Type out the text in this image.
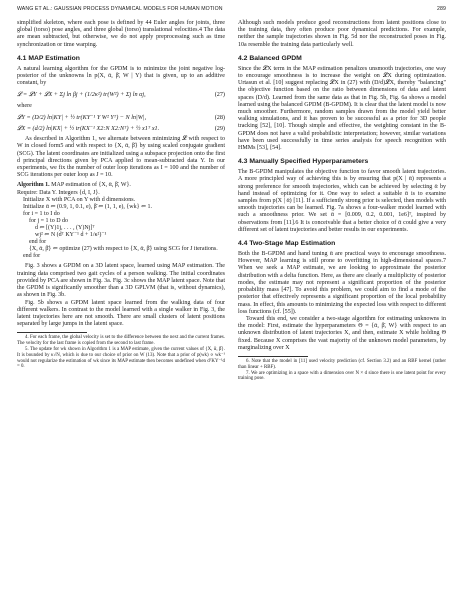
WANG ET AL.: GAUSSIAN PROCESS DYNAMICAL MODELS FOR HUMAN MOTION	289

simplified skeleton, where each pose is defined by 44 Euler angles for joints, three global (torso) pose angles, and three global (torso) translational velocities.4 The data are mean subtracted, but otherwise, we do not apply preprocessing such as time synchronization or time warping.

4.1 MAP Estimation

A natural learning algorithm for the GPDM is to minimize the joint negative log-posterior of the unknowns ln p(X, ᾱ, β̄, W | Y) that is given, up to an additive constant, by

𝓛 = 𝓛Y + 𝓛X + Σj ln βj + (1/2κ²) tr(W²) + Σj ln αj,	(27)

where

𝓛Y = (D/2) ln|KY| + ½ tr(KY⁻¹ Y W² Yᵀ) − N ln|W|,	(28)
𝓛X = (d/2) ln|KX| + ½ tr(KX⁻¹ X2:N X2:Nᵀ) + ½ x1ᵀ x1.	(29)

As described in Algorithm 1, we alternate between minimizing 𝓛 with respect to W in closed form5 and with respect to {X, ᾱ, β̄} by using scaled conjugate gradient (SCG). The latent coordinates are initialized using a subspace projection onto the first d principal directions given by PCA applied to mean-subtracted data Y. In our experiments, we fix the number of outer loop iterations as I = 100 and the number of SCG iterations per outer loop as J = 10.

Algorithm 1. MAP estimation of {X, ᾱ, β̄, W}.
Require: Data Y. Integers {d, I, J}.
Initialize X with PCA on Y with d dimensions.
Initialize ᾱ ⇐ (0.9, 1, 0.1, e), β̄ ⇐ (1, 1, e), {wk} ⇐ 1.
for i = 1 to I do
for j = 1 to D do
d ⇐ [(Y)1j, . . . , (Y)Nj]ᵀ
wj² ⇐ N (dᵀ KY⁻¹ d + 1/κ²)⁻¹
end for
{X, ᾱ, β̄} ⇐ optimize (27) with respect to {X, ᾱ, β̄} using SCG for J iterations.
end for

Fig. 3 shows a GPDM on a 3D latent space, learned using MAP estimation. The training data comprised two gait cycles of a person walking. The initial coordinates provided by PCA are shown in Fig. 3a. Fig. 3c shows the MAP latent space. Note that the GPDM is significantly smoother than a 3D GPLVM (that is, without dynamics), as shown in Fig. 3b.

Fig. 5b shows a GPDM latent space learned from the walking data of four different walkers. In contrast to the model learned with a single walker in Fig. 3, the latent trajectories here are not smooth. There are small clusters of latent positions separated by large jumps in the latent space.

4. For each frame, the global velocity is set to the difference between the next and the current frames. The velocity for the last frame is copied from the second to last frame.

5. The update for wk shown in Algorithm 1 is a MAP estimate, given the current values of {X, ᾱ, β̄}. It is bounded by κ√N, which is due to our choice of prior on W (13). Note that a prior of p(wk) ∝ wk⁻¹ would not regularize the estimation of wk since its MAP estimate then becomes undefined when dᵀKY⁻¹d = 0.

Although such models produce good reconstructions from latent positions close to the training data, they often produce poor dynamical predictions. For example, neither the sample trajectories shown in Fig. 5d nor the reconstructed poses in Fig. 10a resemble the training data particularly well.

4.2 Balanced GPDM

Since the 𝓛X term in the MAP estimation penalizes unsmooth trajectories, one way to encourage smoothness is to increase the weight on 𝓛X during optimization. Urtasun et al. [10] suggest replacing 𝓛X in (27) with (D/d)𝓛X, thereby "balancing" the objective function based on the ratio between dimensions of data and latent spaces (D/d). Learned from the same data as that in Fig. 5b, Fig. 6a shows a model learned using the balanced GPDM (B-GPDM). It is clear that the latent model is now much smoother. Furthermore, random samples drawn from the model yield better walking simulations, and it has proven to be successful as a prior for 3D people tracking [52], [10]. Though simple and effective, the weighting constant in the B-GPDM does not have a valid probabilistic interpretation; however, similar variations have been used successfully in time series analysis for speech recognition with HMMs [53], [54].

4.3 Manually Specified Hyperparameters

The B-GPDM manipulates the objective function to favor smooth latent trajectories. A more principled way of achieving this is by ensuring that p(X | ᾱ) represents a strong preference for smooth trajectories, which can be achieved by selecting ᾱ by hand instead of optimizing for it. One way to select a suitable ᾱ is to examine samples from p(X | ᾱ) [11]. If a sufficiently strong prior is selected, then models with smooth trajectories can be learned. Fig. 7a shows a four-walker model learned with such a smoothness prior. We set ᾱ = [0.009, 0.2, 0.001, 1e6]ᵀ, inspired by observations from [11].6 It is conceivable that a better choice of ᾱ could give a very different set of latent trajectories and better results in our experiments.

4.4 Two-Stage Map Estimation

Both the B-GPDM and hand tuning ᾱ are practical ways to encourage smoothness. However, MAP learning is still prone to overfitting in high-dimensional spaces.7 When we seek a MAP estimate, we are looking to approximate the posterior distribution with a delta function. Here, as there are clearly a multiplicity of posterior modes, the estimate may not represent a significant proportion of the posterior probability mass [47]. To avoid this problem, we could aim to find a mode of the posterior that effectively represents a significant proportion of the local probability mass. In effect, this amounts to minimizing the expected loss with respect to different loss functions (cf. [55]).

Toward this end, we consider a two-stage algorithm for estimating unknowns in the model: First, estimate the hyperparameters Θ = {ᾱ, β̄, W} with respect to an unknown distribution of latent trajectories X, and then, estimate X while holding Θ fixed. Because X comprises the vast majority of the unknown model parameters, by marginalizing over X

6. Note that the model in [11] used velocity prediction (cf. Section 3.2) and an RBF kernel (rather than linear + RBF).

7. We are optimizing in a space with a dimension over N × d since there is one latent point for every training pose.
